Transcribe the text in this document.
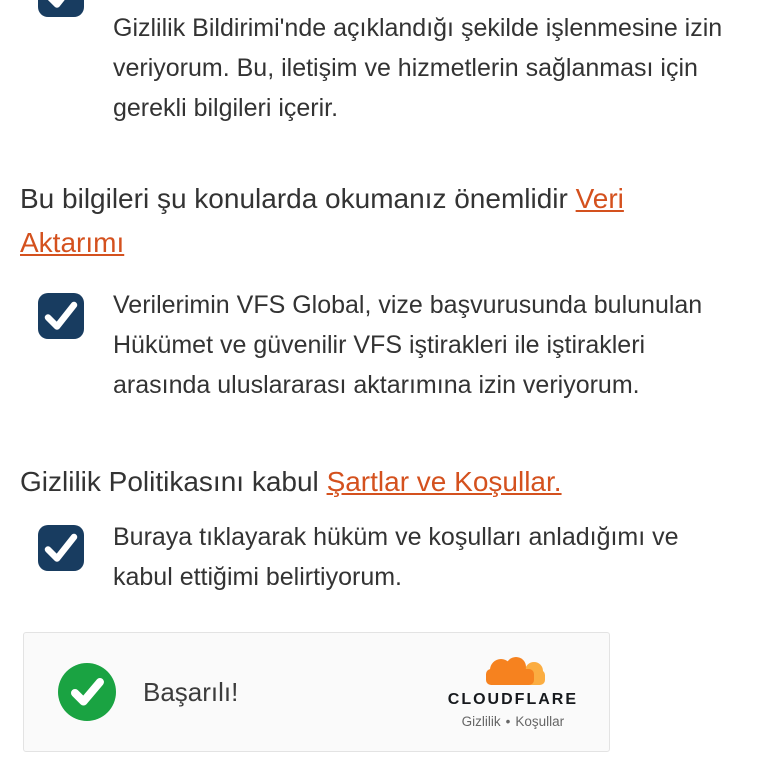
Gizlilik Bildirimi'nde açıklandığı şekilde işlenmesine izin veriyorum. Bu, iletişim ve hizmetlerin sağlanması için gerekli bilgileri içerir.

Bu bilgileri şu konularda okumanız önemlidir Veri Aktarımı

Verilerimin VFS Global, vize başvurusunda bulunulan Hükümet ve güvenilir VFS iştirakleri ile iştirakleri arasında uluslararası aktarımına izin veriyorum.

Gizlilik Politikasını kabul Şartlar ve Koşullar.

Buraya tıklayarak hüküm ve koşulları anladığımı ve kabul ettiğimi belirtiyorum.

Başarılı!	CLOUDFLARE
Gizlilik • Koşullar
